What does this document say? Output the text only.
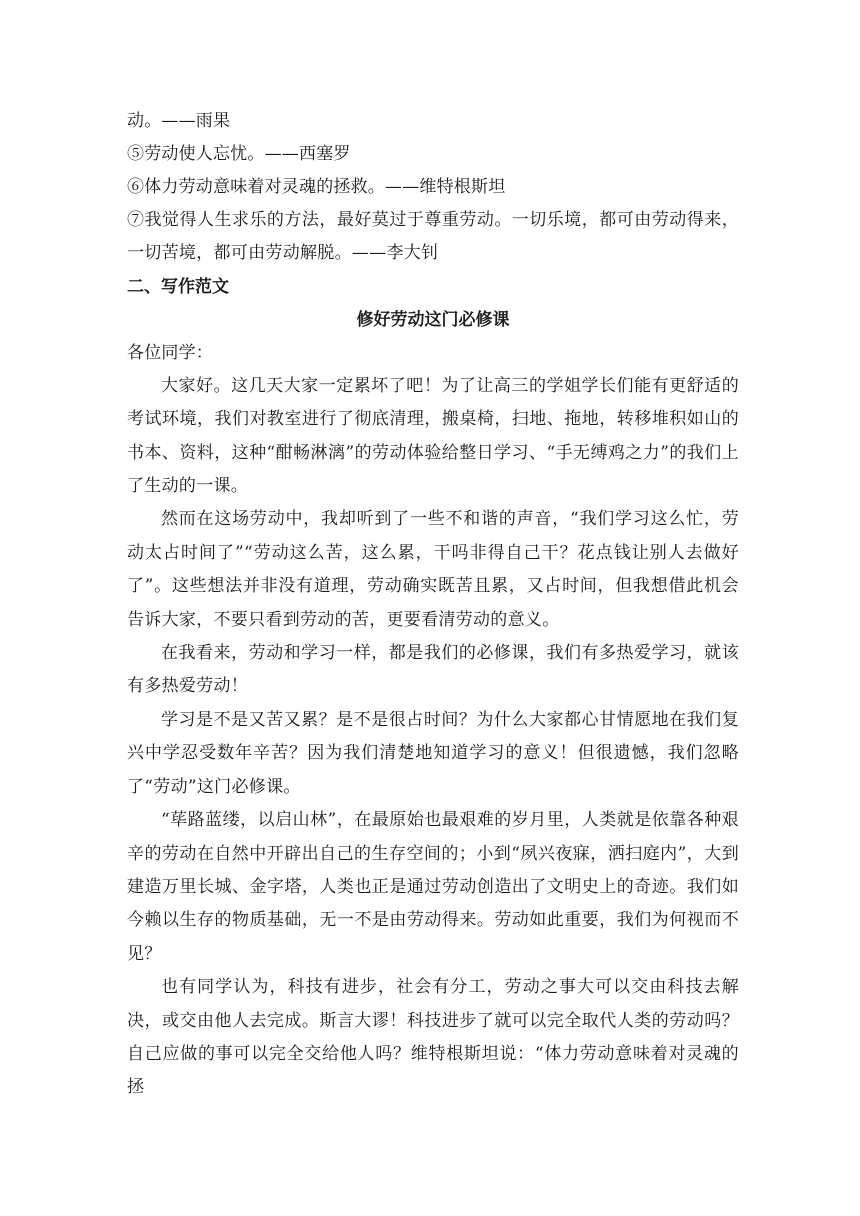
动。——雨果

⑤劳动使人忘忧。——西塞罗

⑥体力劳动意味着对灵魂的拯救。——维特根斯坦

⑦我觉得人生求乐的方法，最好莫过于尊重劳动。一切乐境，都可由劳动得来，一切苦境，都可由劳动解脱。——李大钊

二、写作范文

修好劳动这门必修课

各位同学：

大家好。这几天大家一定累坏了吧！为了让高三的学姐学长们能有更舒适的考试环境，我们对教室进行了彻底清理，搬桌椅，扫地、拖地，转移堆积如山的书本、资料，这种“酣畅淋漓”的劳动体验给整日学习、“手无缚鸡之力”的我们上了生动的一课。

然而在这场劳动中，我却听到了一些不和谐的声音，“我们学习这么忙，劳动太占时间了”“劳动这么苦，这么累，干吗非得自己干？花点钱让别人去做好了”。这些想法并非没有道理，劳动确实既苦且累，又占时间，但我想借此机会告诉大家，不要只看到劳动的苦，更要看清劳动的意义。

在我看来，劳动和学习一样，都是我们的必修课，我们有多热爱学习，就该有多热爱劳动！

学习是不是又苦又累？是不是很占时间？为什么大家都心甘情愿地在我们复兴中学忍受数年辛苦？因为我们清楚地知道学习的意义！但很遗憾，我们忽略了“劳动”这门必修课。

“荜路蓝缕，以启山林”，在最原始也最艰难的岁月里，人类就是依靠各种艰辛的劳动在自然中开辟出自己的生存空间的；小到“夙兴夜寐，洒扫庭内”，大到建造万里长城、金字塔，人类也正是通过劳动创造出了文明史上的奇迹。我们如今赖以生存的物质基础，无一不是由劳动得来。劳动如此重要，我们为何视而不见？

也有同学认为，科技有进步，社会有分工，劳动之事大可以交由科技去解决，或交由他人去完成。斯言大谬！科技进步了就可以完全取代人类的劳动吗？自己应做的事可以完全交给他人吗？维特根斯坦说：“体力劳动意味着对灵魂的拯
